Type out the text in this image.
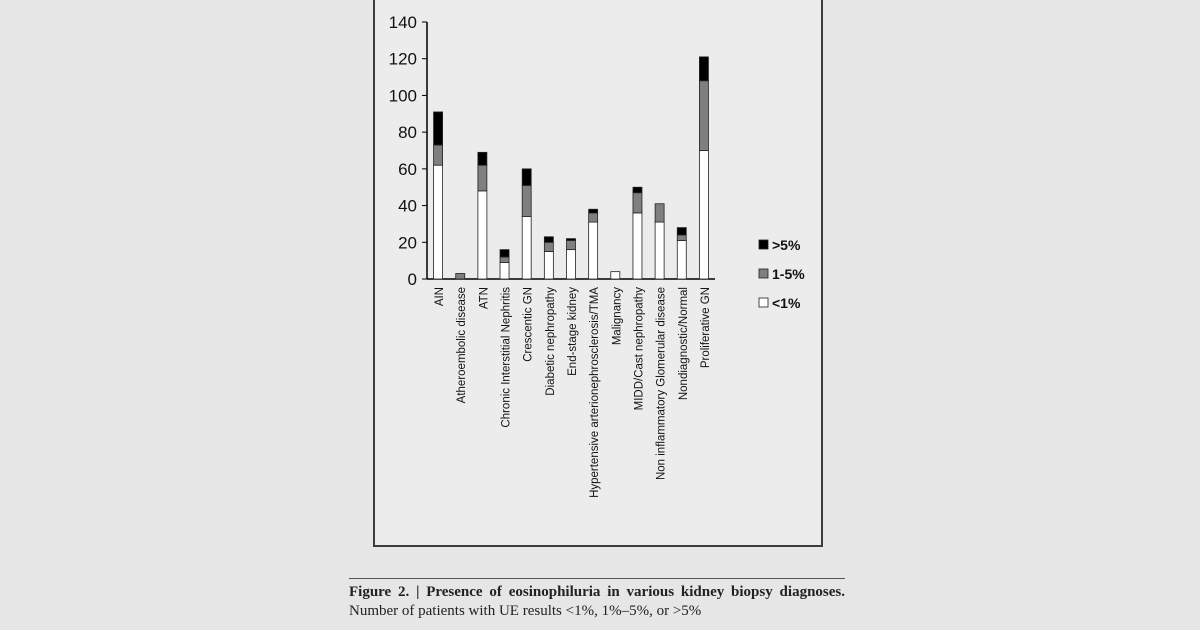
0
20
40
60
80
100
120
140
AIN Atheroembolic disease ATN Chronic Interstitial Nephritis Crescentic GN Diabetic nephropathy End-stage kidney Hypertensive arterionephrosclerosis/TMA Malignancy MIDD/Cast nephropathy Non inflammatory Glomerular disease Nondiagnostic/Normal Proliferative GN
>5%
1-5%
<1%
Figure 2. | Presence of eosinophiluria in various kidney biopsy diagnoses. Number of patients with UE results <1%, 1%–5%, or >5%
